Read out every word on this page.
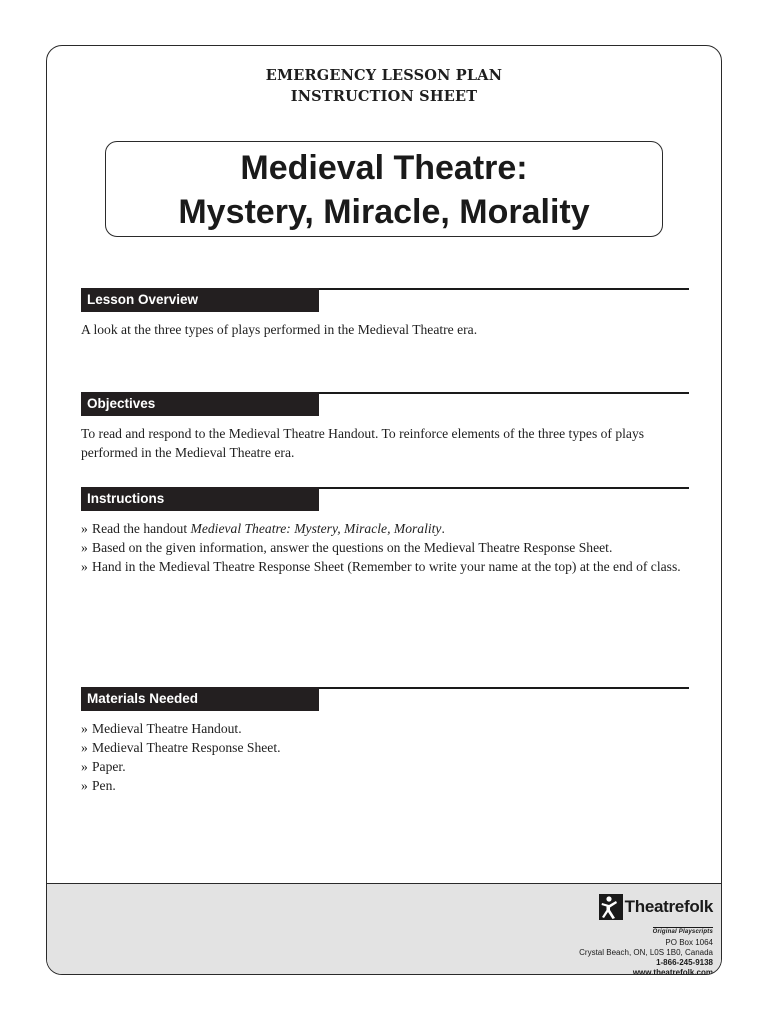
EMERGENCY LESSON PLAN
INSTRUCTION SHEET
Medieval Theatre:
Mystery, Miracle, Morality
Lesson Overview

A look at the three types of plays performed in the Medieval Theatre era.

Objectives

To read and respond to the Medieval Theatre Handout. To reinforce elements of the three types of plays performed in the Medieval Theatre era.

Instructions
» Read the handout Medieval Theatre: Mystery, Miracle, Morality.
» Based on the given information, answer the questions on the Medieval Theatre Response Sheet.
» Hand in the Medieval Theatre Response Sheet (Remember to write your name at the top) at the end of class.
Materials Needed
» Medieval Theatre Handout.
» Medieval Theatre Response Sheet.
» Paper.
» Pen.
Theatrefolk
Original Playscripts
PO Box 1064
Crystal Beach, ON, L0S 1B0, Canada
1-866-245-9138
www.theatrefolk.com
